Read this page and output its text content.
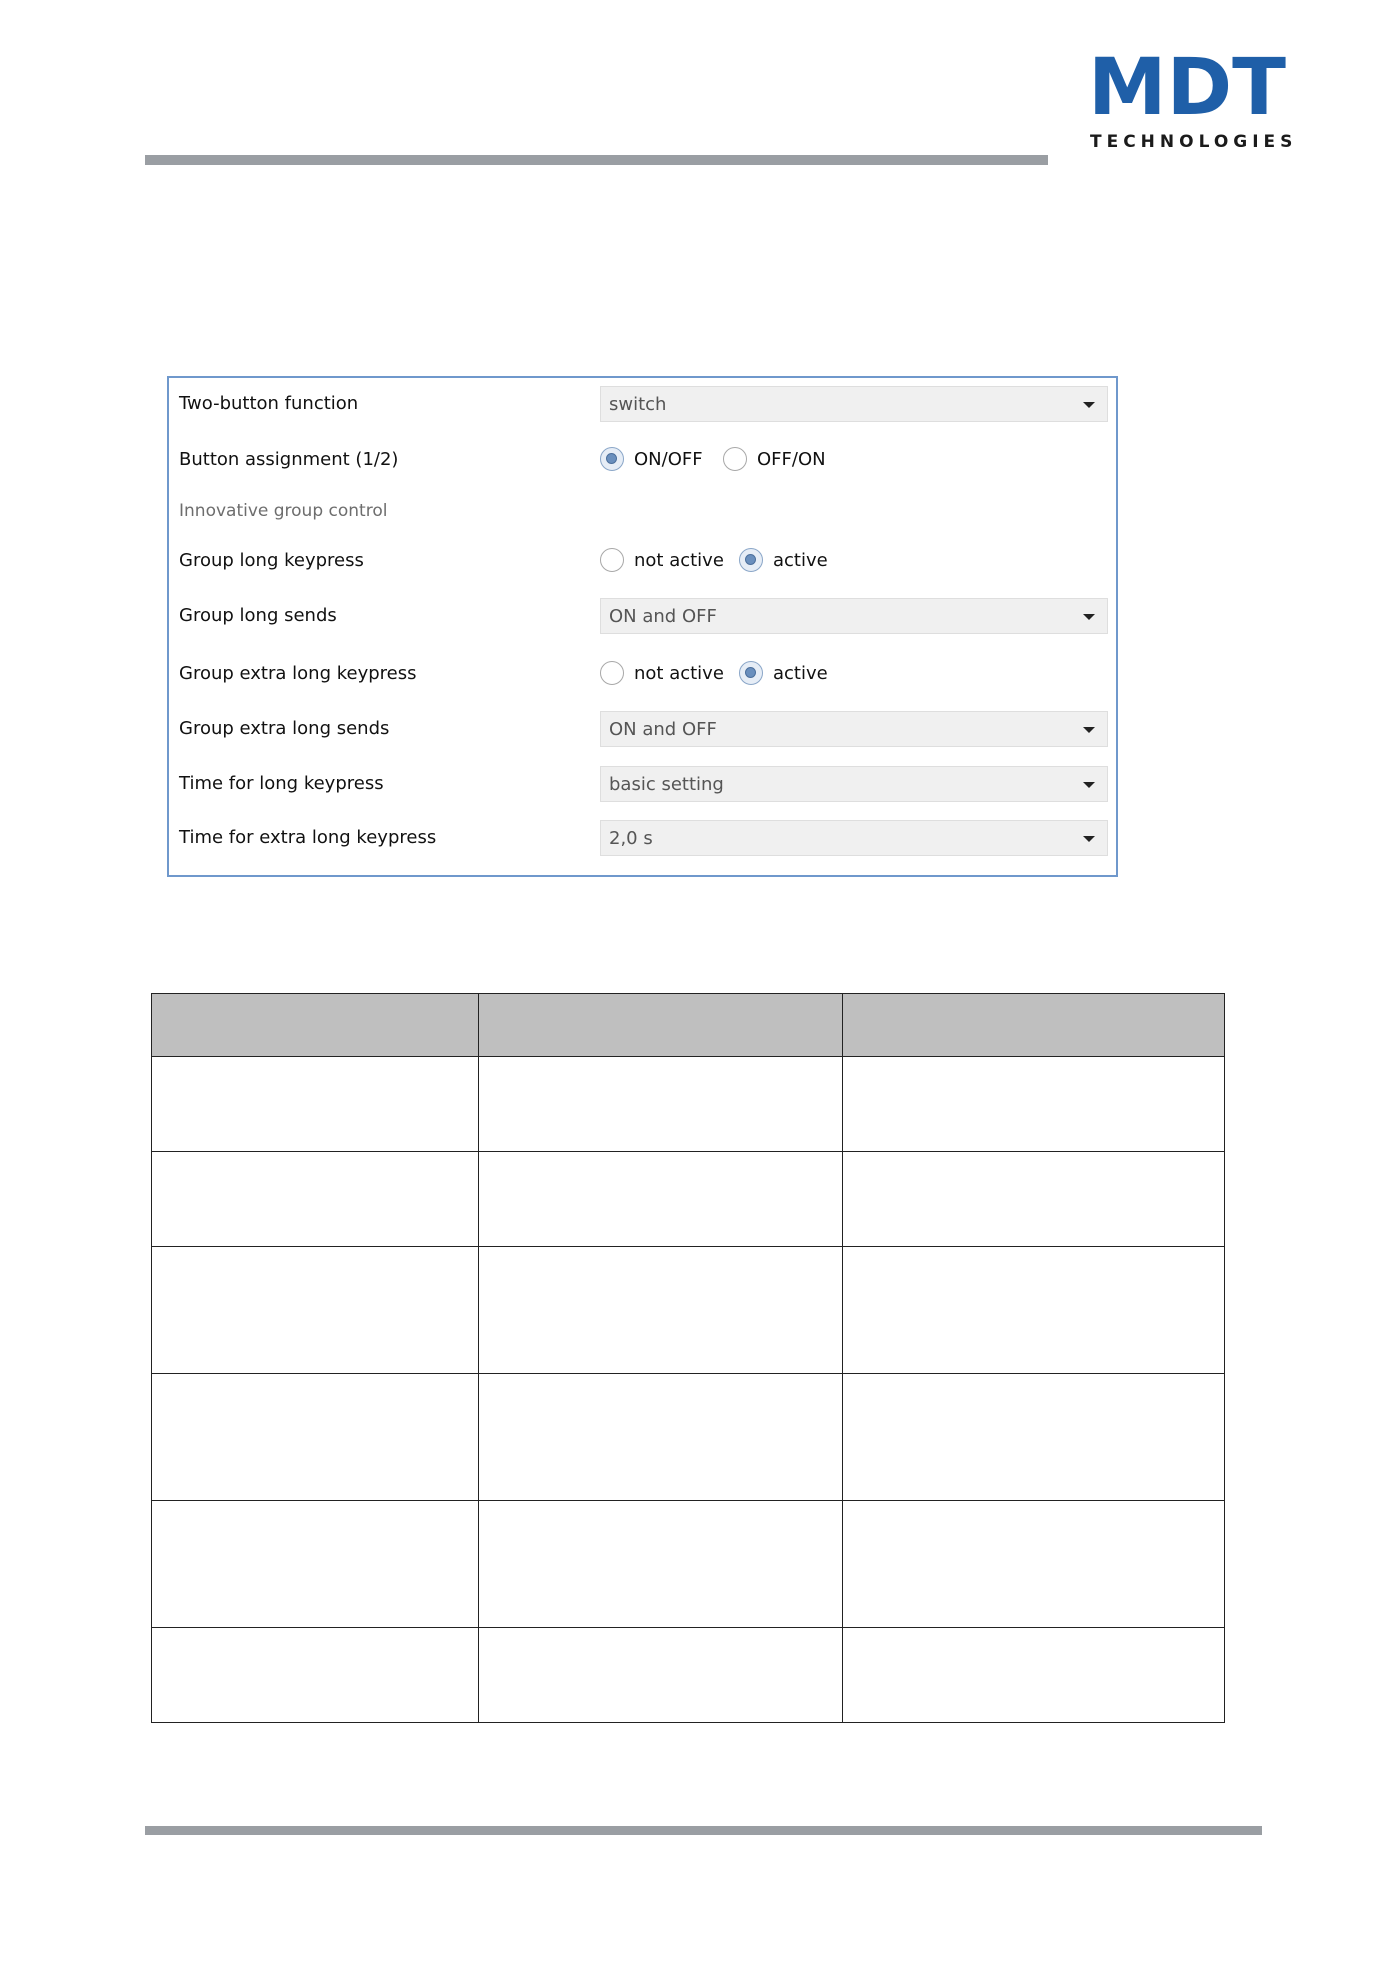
MDT
TECHNOLOGIES
Two-button function	switch
Button assignment (1/2)	ON/OFF	OFF/ON
Innovative group control
Group long keypress	not active	active
Group long sends	ON and OFF
Group extra long keypress	not active	active
Group extra long sends	ON and OFF
Time for long keypress	basic setting
Time for extra long keypress	2,0 s
